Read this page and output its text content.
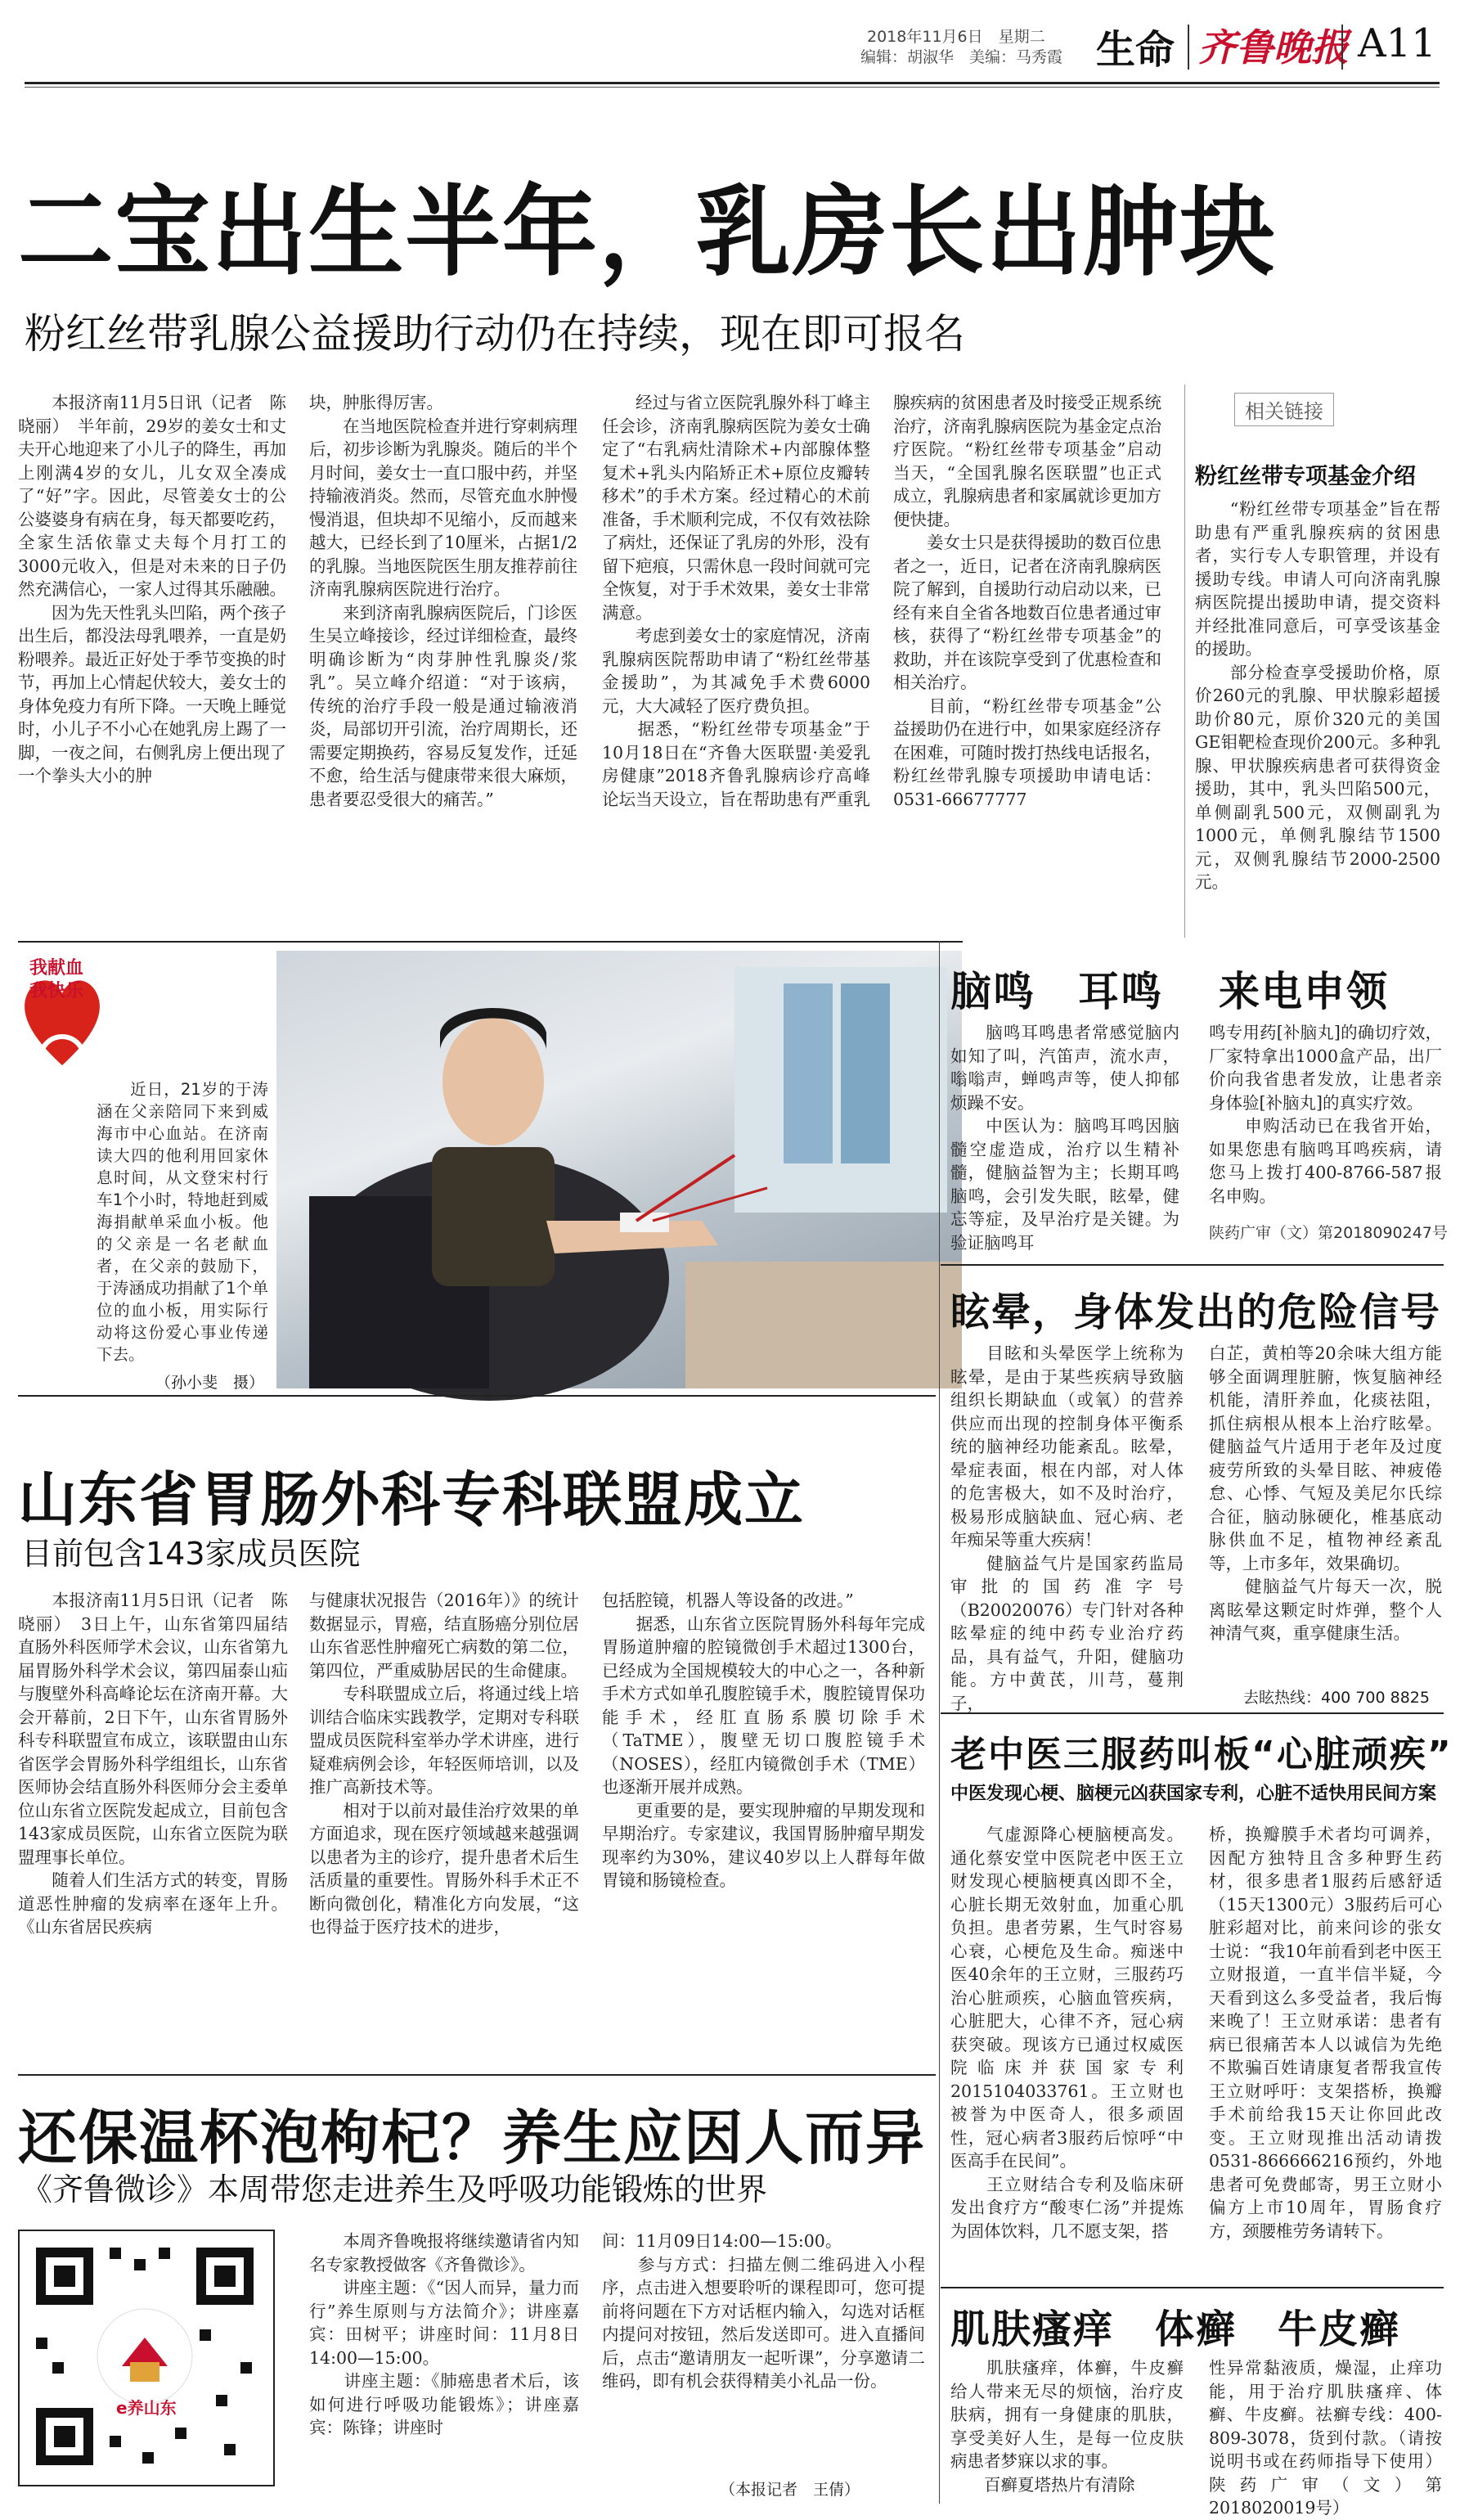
2018年11月6日　星期二
编辑：胡淑华　美编：马秀霞 生命 齐鲁晚报 A11
二宝出生半年，乳房长出肿块
粉红丝带乳腺公益援助行动仍在持续，现在即可报名
　　本报济南11月5日讯（记者　陈晓丽）　半年前，29岁的姜女士和丈夫开心地迎来了小儿子的降生，再加上刚满4岁的女儿，儿女双全凑成了“好”字。因此，尽管姜女士的公公婆婆身有病在身，每天都要吃药，全家生活依靠丈夫每个月打工的3000元收入，但是对未来的日子仍然充满信心，一家人过得其乐融融。
　　因为先天性乳头凹陷，两个孩子出生后，都没法母乳喂养，一直是奶粉喂养。最近正好处于季节变换的时节，再加上心情起伏较大，姜女士的身体免疫力有所下降。一天晚上睡觉时，小儿子不小心在她乳房上踢了一脚，一夜之间，右侧乳房上便出现了一个拳头大小的肿
块，肿胀得厉害。
　　在当地医院检查并进行穿刺病理后，初步诊断为乳腺炎。随后的半个月时间，姜女士一直口服中药，并坚持输液消炎。然而，尽管充血水肿慢慢消退，但块却不见缩小，反而越来越大，已经长到了10厘米，占据1/2的乳腺。当地医院医生朋友推荐前往济南乳腺病医院进行治疗。
　　来到济南乳腺病医院后，门诊医生吴立峰接诊，经过详细检查，最终明确诊断为“肉芽肿性乳腺炎/浆乳”。吴立峰介绍道：“对于该病，传统的治疗手段一般是通过输液消炎，局部切开引流，治疗周期长，还需要定期换药，容易反复发作，迁延不愈，给生活与健康带来很大麻烦，患者要忍受很大的痛苦。”
　　经过与省立医院乳腺外科丁峰主任会诊，济南乳腺病医院为姜女士确定了“右乳病灶清除术+内部腺体整复术+乳头内陷矫正术+原位皮瓣转移术”的手术方案。经过精心的术前准备，手术顺利完成，不仅有效祛除了病灶，还保证了乳房的外形，没有留下疤痕，只需休息一段时间就可完全恢复，对于手术效果，姜女士非常满意。
　　考虑到姜女士的家庭情况，济南乳腺病医院帮助申请了“粉红丝带基金援助”，为其减免手术费6000元，大大减轻了医疗费负担。
　　据悉，“粉红丝带专项基金”于10月18日在“齐鲁大医联盟·美爱乳房健康”2018齐鲁乳腺病诊疗高峰论坛当天设立，旨在帮助患有严重乳
腺疾病的贫困患者及时接受正规系统治疗，济南乳腺病医院为基金定点治疗医院。“粉红丝带专项基金”启动当天，“全国乳腺名医联盟”也正式成立，乳腺病患者和家属就诊更加方便快捷。
　　姜女士只是获得援助的数百位患者之一，近日，记者在济南乳腺病医院了解到，自援助行动启动以来，已经有来自全省各地数百位患者通过审核，获得了“粉红丝带专项基金”的救助，并在该院享受到了优惠检查和相关治疗。
　　目前，“粉红丝带专项基金”公益援助仍在进行中，如果家庭经济存在困难，可随时拨打热线电话报名，粉红丝带乳腺专项援助申请电话：0531-66677777
相关链接
粉红丝带专项基金介绍
　　“粉红丝带专项基金”旨在帮助患有严重乳腺疾病的贫困患者，实行专人专职管理，并设有援助专线。申请人可向济南乳腺病医院提出援助申请，提交资料并经批准同意后，可享受该基金的援助。
　　部分检查享受援助价格，原价260元的乳腺、甲状腺彩超援助价80元，原价320元的美国GE钼靶检查现价200元。多种乳腺、甲状腺疾病患者可获得资金援助，其中，乳头凹陷500元，单侧副乳500元，双侧副乳为1000元，单侧乳腺结节1500元，双侧乳腺结节2000-2500元。
我献血
我快乐
　　近日，21岁的于涛涵在父亲陪同下来到威海市中心血站。在济南读大四的他利用回家休息时间，从文登宋村行车1个小时，特地赶到威海捐献单采血小板。他的父亲是一名老献血者，在父亲的鼓励下，于涛涵成功捐献了1个单位的血小板，用实际行动将这份爱心事业传递下去。
（孙小斐　摄）
脑鸣　耳鸣 来电申领
　　脑鸣耳鸣患者常感觉脑内如知了叫，汽笛声，流水声，嗡嗡声，蝉鸣声等，使人抑郁烦躁不安。
　　中医认为：脑鸣耳鸣因脑髓空虚造成，治疗以生精补髓，健脑益智为主；长期耳鸣脑鸣，会引发失眠，眩晕，健忘等症，及早治疗是关键。为验证脑鸣耳
鸣专用药[补脑丸]的确切疗效，厂家特拿出1000盒产品，出厂价向我省患者发放，让患者亲身体验[补脑丸]的真实疗效。
　　申购活动已在我省开始，如果您患有脑鸣耳鸣疾病，请您马上拨打400-8766-587报名申购。
陕药广审（文）第2018090247号
眩晕，身体发出的危险信号
　　目眩和头晕医学上统称为眩晕，是由于某些疾病导致脑组织长期缺血（或氧）的营养供应而出现的控制身体平衡系统的脑神经功能紊乱。眩晕，晕症表面，根在内部，对人体的危害极大，如不及时治疗，极易形成脑缺血、冠心病、老年痴呆等重大疾病！
　　健脑益气片是国家药监局审批的国药准字号（B20020076）专门针对各种眩晕症的纯中药专业治疗药品，具有益气，升阳，健脑功能。方中黄芪，川芎，蔓荆子，
白芷，黄柏等20余味大组方能够全面调理脏腑，恢复脑神经机能，清肝养血，化痰祛阻，抓住病根从根本上治疗眩晕。健脑益气片适用于老年及过度疲劳所致的头晕目眩、神疲倦怠、心悸、气短及美尼尔氏综合征，脑动脉硬化，椎基底动脉供血不足，植物神经紊乱等，上市多年，效果确切。
　　健脑益气片每天一次，脱离眩晕这颗定时炸弹，整个人神清气爽，重享健康生活。
去眩热线：400 700 8825
老中医三服药叫板“心脏顽疾”
中医发现心梗、脑梗元凶获国家专利，心脏不适快用民间方案
　　气虚源降心梗脑梗高发。通化蔡安堂中医院老中医王立财发现心梗脑梗真凶即不全，心脏长期无效射血，加重心肌负担。患者劳累，生气时容易心衰，心梗危及生命。痴迷中医40余年的王立财，三服药巧治心脏顽疾，心脑血管疾病，心脏肥大，心律不齐，冠心病获突破。现该方已通过权威医院临床并获国家专利2015104033761。王立财也被誉为中医奇人，很多顽固性，冠心病者3服药后惊呼“中医高手在民间”。
　　王立财结合专利及临床研发出食疗方“酸枣仁汤”并提炼为固体饮料，几不愿支架，搭
桥，换瓣膜手术者均可调养，因配方独特且含多种野生药材，很多患者1服药后感舒适（15天1300元）3服药后可心脏彩超对比，前来问诊的张女士说：“我10年前看到老中医王立财报道，一直半信半疑，今天看到这么多受益者，我后悔来晚了！王立财承诺：患者有病已很痛苦本人以诚信为先绝不欺骗百姓请康复者帮我宣传王立财呼吁：支架搭桥，换瓣手术前给我15天让你回此改变。王立财现推出活动请拨0531-866666216预约，外地患者可免费邮寄，男王立财小偏方上市10周年，胃肠食疗方，颈腰椎劳务请转下。
肌肤瘙痒　体癣　牛皮癣
　　肌肤瘙痒，体癣，牛皮癣给人带来无尽的烦恼，治疗皮肤病，拥有一身健康的肌肤，享受美好人生，是每一位皮肤病患者梦寐以求的事。
　　百癣夏塔热片有清除
性异常黏液质，燥湿，止痒功能，用于治疗肌肤瘙痒、体癣、牛皮癣。祛癣专线：400-809-3078，货到付款。（请按说明书或在药师指导下使用）陕药广审（文）第2018020019号）
山东省胃肠外科专科联盟成立
目前包含143家成员医院
　　本报济南11月5日讯（记者　陈晓丽）　3日上午，山东省第四届结直肠外科医师学术会议，山东省第九届胃肠外科学术会议，第四届泰山疝与腹壁外科高峰论坛在济南开幕。大会开幕前，2日下午，山东省胃肠外科专科联盟宣布成立，该联盟由山东省医学会胃肠外科学组组长，山东省医师协会结直肠外科医师分会主委单位山东省立医院发起成立，目前包含143家成员医院，山东省立医院为联盟理事长单位。
　　随着人们生活方式的转变，胃肠道恶性肿瘤的发病率在逐年上升。《山东省居民疾病
与健康状况报告（2016年）》的统计数据显示，胃癌，结直肠癌分别位居山东省恶性肿瘤死亡病数的第二位，第四位，严重威胁居民的生命健康。
　　专科联盟成立后，将通过线上培训结合临床实践教学，定期对专科联盟成员医院科室举办学术讲座，进行疑难病例会诊，年轻医师培训，以及推广高新技术等。
　　相对于以前对最佳治疗效果的单方面追求，现在医疗领域越来越强调以患者为主的诊疗，提升患者术后生活质量的重要性。胃肠外科手术正不断向微创化，精准化方向发展，“这也得益于医疗技术的进步，
包括腔镜，机器人等设备的改进。”
　　据悉，山东省立医院胃肠外科每年完成胃肠道肿瘤的腔镜微创手术超过1300台，已经成为全国规模较大的中心之一，各种新手术方式如单孔腹腔镜手术，腹腔镜胃保功能手术，经肛直肠系膜切除手术（TaTME），腹壁无切口腹腔镜手术（NOSES），经肛内镜微创手术（TME）也逐渐开展并成熟。
　　更重要的是，要实现肿瘤的早期发现和早期治疗。专家建议，我国胃肠肿瘤早期发现率约为30%，建议40岁以上人群每年做胃镜和肠镜检查。
还保温杯泡枸杞？养生应因人而异
《齐鲁微诊》本周带您走进养生及呼吸功能锻炼的世界
e养山东
　　本周齐鲁晚报将继续邀请省内知名专家教授做客《齐鲁微诊》。
　　讲座主题：《“因人而异，量力而行”养生原则与方法简介》；讲座嘉宾：田树平；讲座时间：11月8日14:00—15:00。
　　讲座主题：《肺癌患者术后，该如何进行呼吸功能锻炼》；讲座嘉宾：陈锋；讲座时
间：11月09日14:00—15:00。
　　参与方式：扫描左侧二维码进入小程序，点击进入想要聆听的课程即可，您可提前将问题在下方对话框内输入，勾选对话框内提问对按钮，然后发送即可。进入直播间后，点击“邀请朋友一起听课”，分享邀请二维码，即有机会获得精美小礼品一份。
（本报记者　王倩）
